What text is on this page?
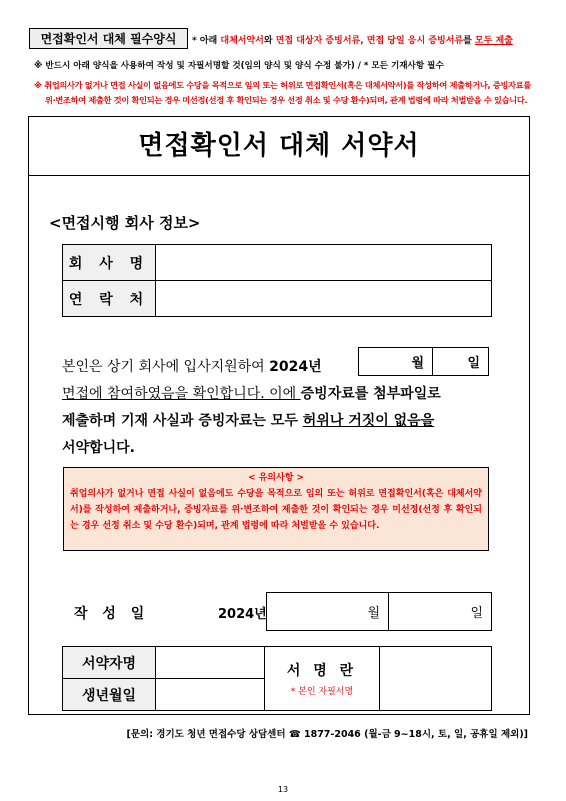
면접확인서 대체 필수양식	* 아래 대체서약서와 면접 대상자 증빙서류, 면접 당일 응시 증빙서류를 모두 제출
※ 반드시 아래 양식을 사용하여 작성 및 자필서명할 것(임의 양식 및 양식 수정 불가) / * 모든 기재사항 필수
※ 취업의사가 없거나 면접 사실이 없음에도 수당을 목적으로 임의 또는 허위로 면접확인서(혹은 대체서약서)를 작성하여 제출하거나, 증빙자료를
위·변조하여 제출한 것이 확인되는 경우 미선정(선정 후 확인되는 경우 선정 취소 및 수당 환수)되며, 관계 법령에 따라 처벌받을 수 있습니다.
면접확인서 대체 서약서
<면접시행 회사 정보>
회 사 명	
연 락 처	
본인은 상기 회사에 입사지원하여 2024년	월	일
면접에 참여하였음을 확인합니다. 이에 증빙자료를 첨부파일로
제출하며 기재 사실과 증빙자료는 모두 허위나 거짓이 없음을
서약합니다.
< 유의사항 >
취업의사가 없거나 면접 사실이 없음에도 수당을 목적으로 임의 또는 허위로 면접확인서(혹은 대체서약서)를 작성하여 제출하거나, 증빙자료를 위·변조하여 제출한 것이 확인되는 경우 미선정(선정 후 확인되는 경우 선정 취소 및 수당 환수)되며, 관계 법령에 따라 처벌받을 수 있습니다.
작 성 일	2024년	월	일
서약자명		서 명 란
* 본인 자필서명	

생년월일			
[문의: 경기도 청년 면접수당 상담센터 ☎ 1877-2046 (월-금 9~18시, 토, 일, 공휴일 제외)]
13
